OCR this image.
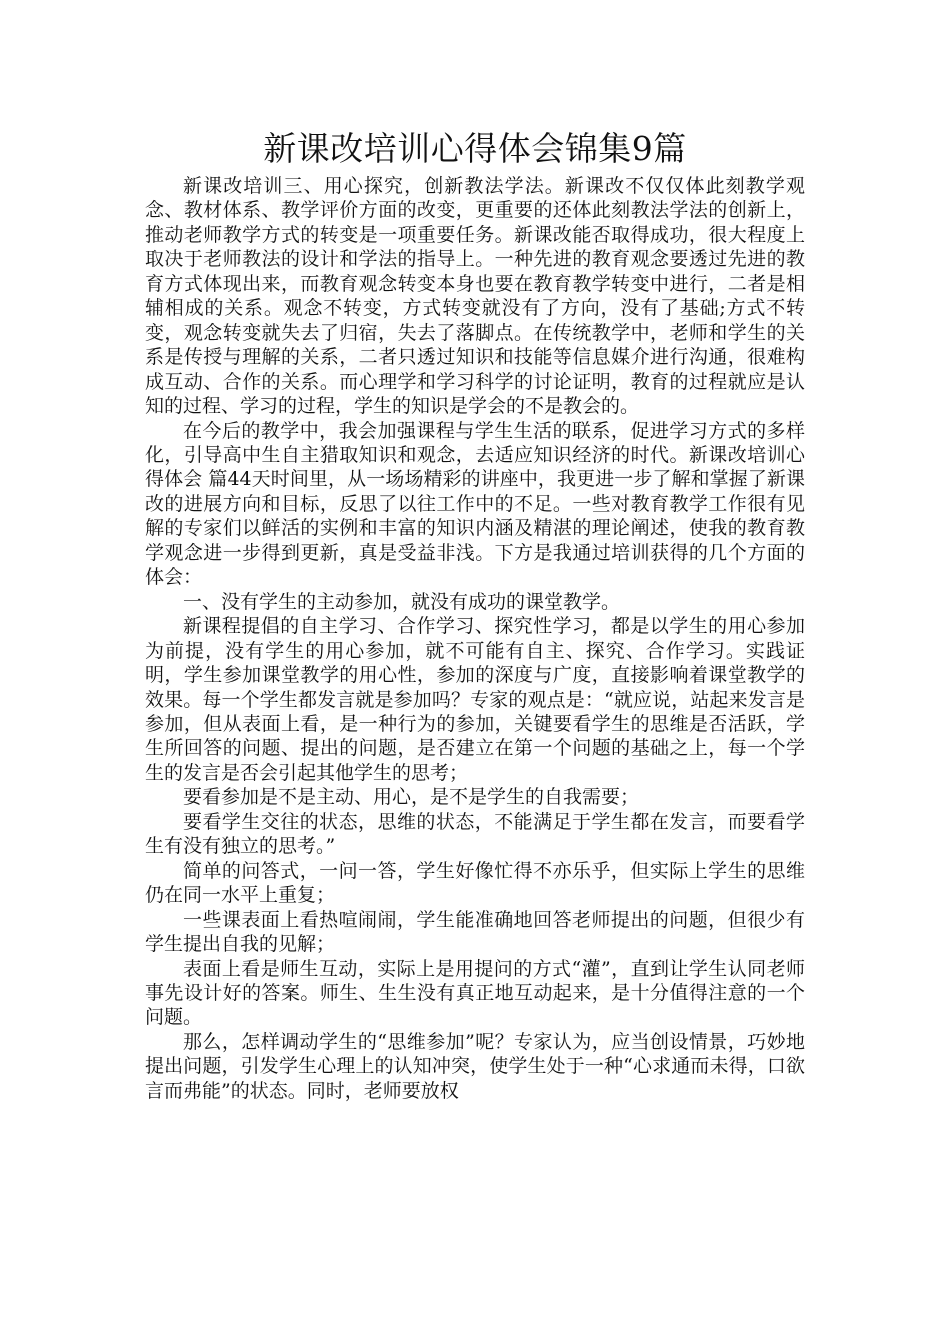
新课改培训心得体会锦集9篇

新课改培训三、用心探究，创新教法学法。新课改不仅仅体此刻教学观念、教材体系、教学评价方面的改变，更重要的还体此刻教法学法的创新上，推动老师教学方式的转变是一项重要任务。新课改能否取得成功，很大程度上取决于老师教法的设计和学法的指导上。一种先进的教育观念要透过先进的教育方式体现出来，而教育观念转变本身也要在教育教学转变中进行，二者是相辅相成的关系。观念不转变，方式转变就没有了方向，没有了基础;方式不转变，观念转变就失去了归宿，失去了落脚点。在传统教学中，老师和学生的关系是传授与理解的关系，二者只透过知识和技能等信息媒介进行沟通，很难构成互动、合作的关系。而心理学和学习科学的讨论证明，教育的过程就应是认知的过程、学习的过程，学生的知识是学会的不是教会的。

在今后的教学中，我会加强课程与学生生活的联系，促进学习方式的多样化，引导高中生自主猎取知识和观念，去适应知识经济的时代。新课改培训心得体会 篇44天时间里，从一场场精彩的讲座中，我更进一步了解和掌握了新课改的进展方向和目标，反思了以往工作中的不足。一些对教育教学工作很有见解的专家们以鲜活的实例和丰富的知识内涵及精湛的理论阐述，使我的教育教学观念进一步得到更新，真是受益非浅。下方是我通过培训获得的几个方面的体会：

一、没有学生的主动参加，就没有成功的课堂教学。

新课程提倡的自主学习、合作学习、探究性学习，都是以学生的用心参加为前提，没有学生的用心参加，就不可能有自主、探究、合作学习。实践证明，学生参加课堂教学的用心性，参加的深度与广度，直接影响着课堂教学的效果。每一个学生都发言就是参加吗？专家的观点是：“就应说，站起来发言是参加，但从表面上看，是一种行为的参加，关键要看学生的思维是否活跃，学生所回答的问题、提出的问题，是否建立在第一个问题的基础之上，每一个学生的发言是否会引起其他学生的思考；

要看参加是不是主动、用心，是不是学生的自我需要；

要看学生交往的状态，思维的状态，不能满足于学生都在发言，而要看学生有没有独立的思考。”

简单的问答式，一问一答，学生好像忙得不亦乐乎，但实际上学生的思维仍在同一水平上重复；

一些课表面上看热喧闹闹，学生能准确地回答老师提出的问题，但很少有学生提出自我的见解；

表面上看是师生互动，实际上是用提问的方式“灌”，直到让学生认同老师事先设计好的答案。师生、生生没有真正地互动起来，是十分值得注意的一个问题。

那么，怎样调动学生的“思维参加”呢？专家认为，应当创设情景，巧妙地提出问题，引发学生心理上的认知冲突，使学生处于一种“心求通而未得，口欲言而弗能”的状态。同时，老师要放权
